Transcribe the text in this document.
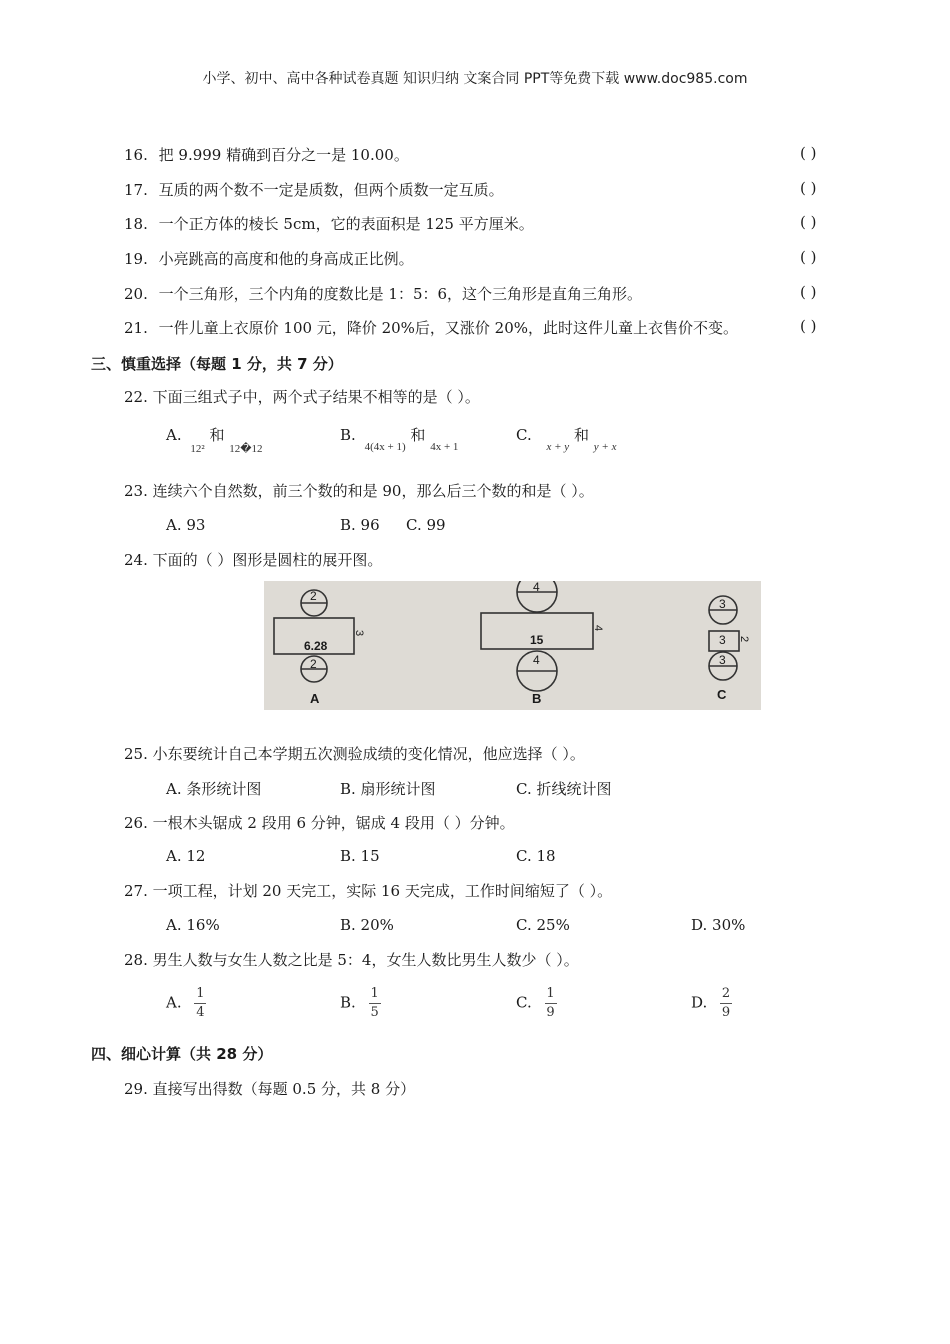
小学、初中、高中各种试卷真题 知识归纳 文案合同 PPT等免费下载 www.doc985.com
16. 把 9.999 精确到百分之一是 10.00。	( )
17. 互质的两个数不一定是质数，但两个质数一定互质。	( )
18. 一个正方体的棱长 5cm，它的表面积是 125 平方厘米。	( )
19. 小亮跳高的高度和他的身高成正比例。	( )
20. 一个三角形，三个内角的度数比是 1：5：6，这个三角形是直角三角形。	( )
21. 一件儿童上衣原价 100 元，降价 20%后，又涨价 20%，此时这件儿童上衣售价不变。	( )
三、慎重选择（每题 1 分，共 7 分）
22. 下面三组式子中，两个式子结果不相等的是（ ）。
A. $_{12^2}$ 和 $_{12�12}$
B. $_{4(4x + 1)}$ 和 $_{4x + 1}$
C. $_{x + y}$ 和 $_{y + x}$
23. 连续六个自然数，前三个数的和是 90，那么后三个数的和是（ ）。
A. 93	B. 96 C. 99
24. 下面的（ ）图形是圆柱的展开图。
2
6.28
3
2
A
4
15
4
4
B
3
3 2
3
C
25. 小东要统计自己本学期五次测验成绩的变化情况，他应选择（ ）。
A. 条形统计图	B. 扇形统计图	C. 折线统计图
26. 一根木头锯成 2 段用 6 分钟，锯成 4 段用（ ）分钟。
A. 12	B. 15	C. 18
27. 一项工程，计划 20 天完工，实际 16 天完成，工作时间缩短了（ ）。
A. 16%	B. 20%	C. 25%	D. 30%
28. 男生人数与女生人数之比是 5：4，女生人数比男生人数少（ ）。
A. $\frac{1}{4}$	B. $\frac{1}{5}$	C. $\frac{1}{9}$	D. $\frac{2}{9}$
四、细心计算（共 28 分）
29. 直接写出得数（每题 0.5 分，共 8 分）
